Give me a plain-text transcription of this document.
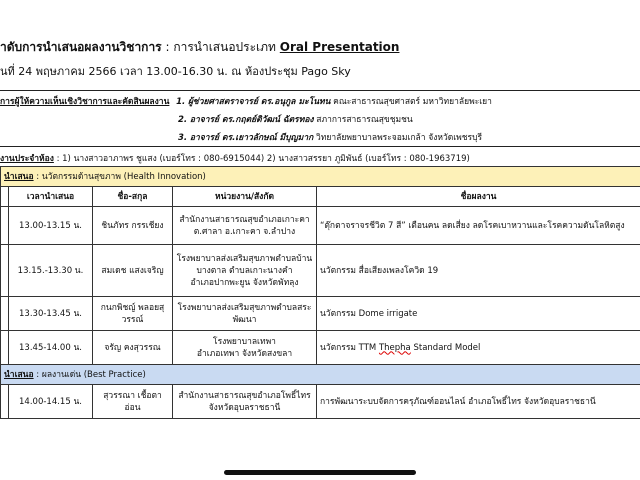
ำดับการนำเสนอผลงานวิชาการ : การนำเสนอประเภท Oral Presentation
นที่ 24 พฤษภาคม 2566 เวลา 13.00-16.30 น. ณ ห้องประชุม Pago Sky
การผู้ให้ความเห็นเชิงวิชาการและคัดสินผลงาน 1. ผู้ช่วยศาสตราจารย์ ดร.อนุกูล มะโนทน คณะสาธารณสุขศาสตร์ มหาวิทยาลัยพะเยา
2. อาจารย์ ดร.กฤตย์ติวัฒน์ ฉัตรทอง สภาการสาธารณสุขชุมชน
3. อาจารย์ ดร.เยาวลักษณ์ มีบุญมาก วิทยาลัยพยาบาลพระจอมเกล้า จังหวัดเพชรบุรี
งานประจำห้อง : 1) นางสาวอาภาพร ชูแสง (เบอร์โทร : 080-6915044) 2) นางสาวสรรยา ภูมิพันธ์ (เบอร์โทร : 080-1963719)
นำเสนอ : นวัตกรรมด้านสุขภาพ (Health Innovation)				
	เวลานำเสนอ	ชื่อ-สกุล	หน่วยงาน/สังกัด	ชื่อผลงาน
	13.00-13.15 น.	ชินภัทร กรรเชียง	สำนักงานสาธารณสุขอำเภอเกาะคา
ต.ศาลา อ.เกาะคา จ.ลำปาง	“ตุ๊กตาจราจรชีวิต 7 สี” เตือนคน ลดเสี่ยง ลดโรคเบาหวานและโรคความดันโลหิตสูง
	13.15.-13.30 น.	สมเดช แสงเจริญ	โรงพยาบาลส่งเสริมสุขภาพตำบลบ้าน
บางตาล ตำบลเกาะนางคำ
อำเภอปากพะยูน จังหวัดพัทลุง	นวัตกรรม สื่อเสียงเพลงโควิด 19
	13.30-13.45 น.	กนกพิชญ์ พลอยสุวรรณ์	โรงพยาบาลส่งเสริมสุขภาพตำบลสระ
พัฒนา	นวัตกรรม Dome irrigate
	13.45-14.00 น.	จรัญ คงสุวรรณ	โรงพยาบาลเทพา
อำเภอเทพา จังหวัดสงขลา	นวัตกรรม TTM Thepha Standard Model
นำเสนอ : ผลงานเด่น (Best Practice)				
	14.00-14.15 น.	สุวรรณา เชื้อตาอ่อน	สำนักงานสาธารณสุขอำเภอโพธิ์ไทร
จังหวัดอุบลราชธานี	การพัฒนาระบบจัดการครุภัณฑ์ออนไลน์ อำเภอโพธิ์ไทร จังหวัดอุบลราชธานี
